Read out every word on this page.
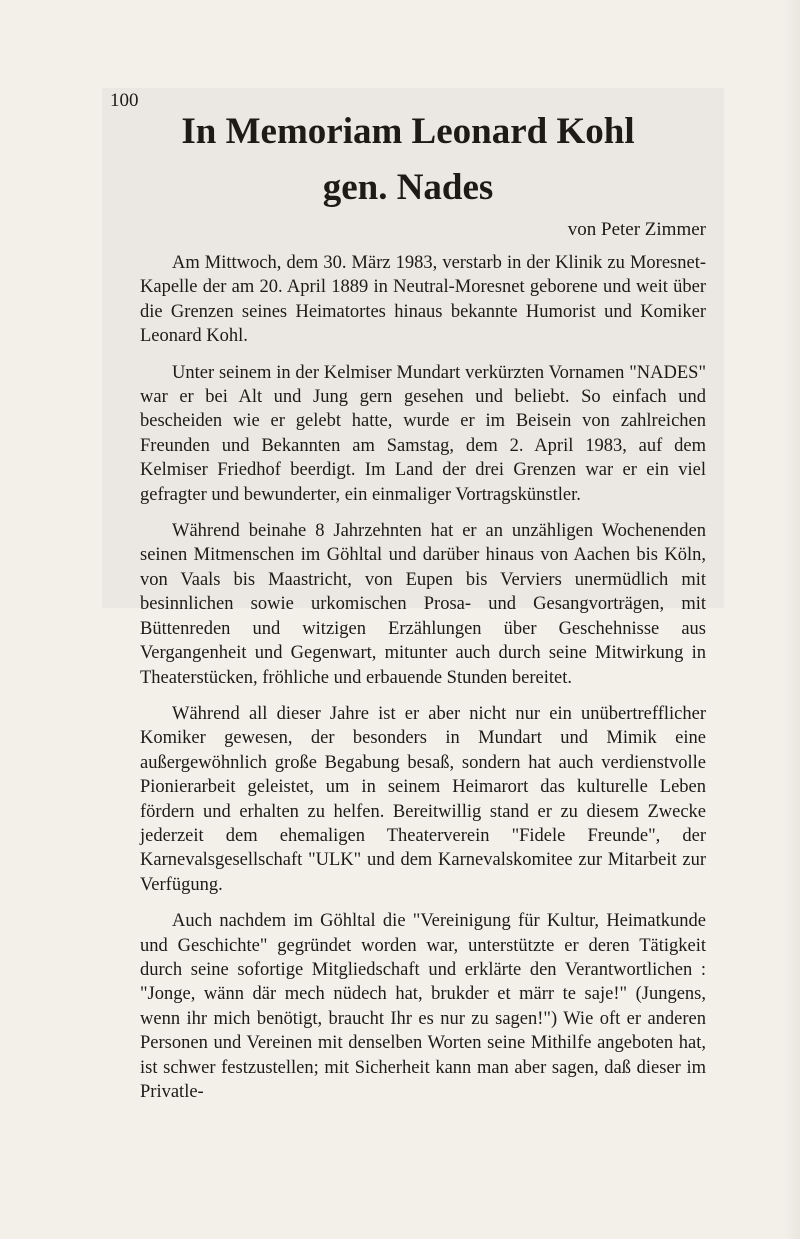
100
In Memoriam Leonard Kohl
gen. Nades
von Peter Zimmer

Am Mittwoch, dem 30. März 1983, verstarb in der Klinik zu Moresnet-Kapelle der am 20. April 1889 in Neutral-Moresnet geborene und weit über die Grenzen seines Heimatortes hinaus bekannte Humorist und Komiker Leonard Kohl.

Unter seinem in der Kelmiser Mundart verkürzten Vornamen "NADES" war er bei Alt und Jung gern gesehen und beliebt. So einfach und bescheiden wie er gelebt hatte, wurde er im Beisein von zahlreichen Freunden und Bekannten am Samstag, dem 2. April 1983, auf dem Kelmiser Friedhof beerdigt. Im Land der drei Grenzen war er ein viel gefragter und bewunderter, ein einmaliger Vortragskünstler.

Während beinahe 8 Jahrzehnten hat er an unzähligen Wochenenden seinen Mitmenschen im Göhltal und darüber hinaus von Aachen bis Köln, von Vaals bis Maastricht, von Eupen bis Verviers unermüdlich mit besinnlichen sowie urkomischen Prosa- und Gesangvorträgen, mit Büttenreden und witzigen Erzählungen über Geschehnisse aus Vergangenheit und Gegenwart, mitunter auch durch seine Mitwirkung in Theaterstücken, fröhliche und erbauende Stunden bereitet.

Während all dieser Jahre ist er aber nicht nur ein unübertrefflicher Komiker gewesen, der besonders in Mundart und Mimik eine außergewöhnlich große Begabung besaß, sondern hat auch verdienstvolle Pionierarbeit geleistet, um in seinem Heimarort das kulturelle Leben fördern und erhalten zu helfen. Bereitwillig stand er zu diesem Zwecke jederzeit dem ehemaligen Theaterverein "Fidele Freunde", der Karnevalsgesellschaft "ULK" und dem Karnevalskomitee zur Mitarbeit zur Verfügung.

Auch nachdem im Göhltal die "Vereinigung für Kultur, Heimatkunde und Geschichte" gegründet worden war, unterstützte er deren Tätigkeit durch seine sofortige Mitgliedschaft und erklärte den Verantwortlichen : "Jonge, wänn där mech nüdech hat, brukder et märr te saje!" (Jungens, wenn ihr mich benötigt, braucht Ihr es nur zu sagen!") Wie oft er anderen Personen und Vereinen mit denselben Worten seine Mithilfe angeboten hat, ist schwer festzustellen; mit Sicherheit kann man aber sagen, daß dieser im Privatle-
